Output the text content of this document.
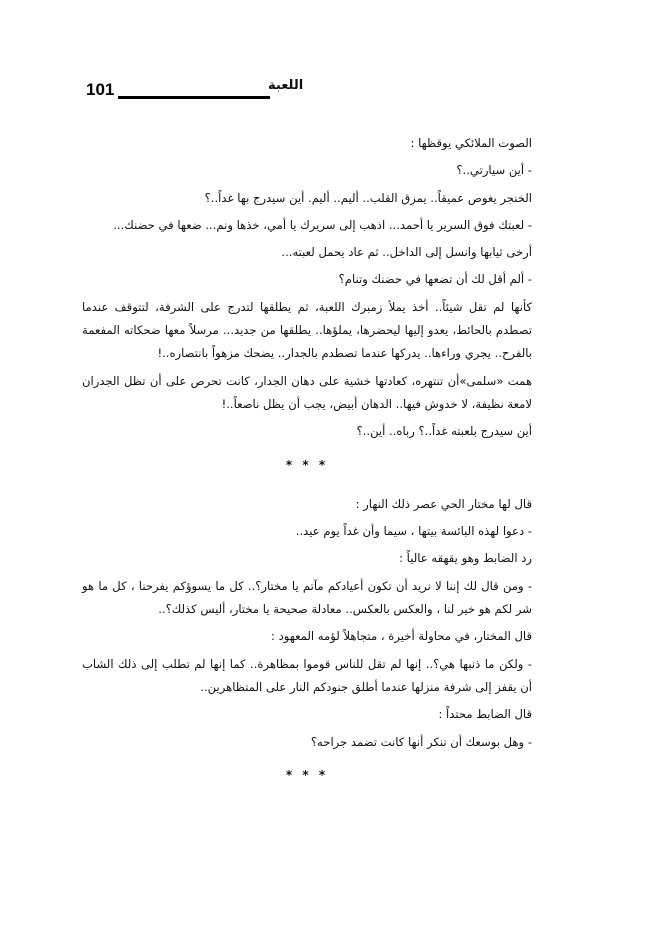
101	اللعبة

الصوت الملائكي يوقظها :

- أين سيارتي..؟

الخنجر يغوص عميقاً.. يمزق القلب.. أليم.. أليم. أين سيدرج بها غداً..؟

- لعبتك فوق السرير يا أحمد... اذهب إلى سريرك يا أمي، خذها ونم... ضعها في حضنك...

أرخى ثيابها وانسل إلى الداخل.. ثم عاد يحمل لعبته...

- ألم أقل لك أن تضعها في حضنك وتنام؟

كأنها لم تقل شيئاً.. أخذ يملأ زمبرك اللعبة، ثم يطلقها لتدرج على الشرفة، لتتوقف عندما تصطدم بالحائط، يعدو إليها ليحضرها، يملؤها.. يطلقها من جديد... مرسلاً معها ضحكاته المفعمة بالفرح.. يجري وراءها.. يدركها عندما تصطدم بالجدار.. يضحك مزهواً بانتصاره..!

همت «سلمى»أن تنتهره، كعادتها خشية على دهان الجدار، كانت تحرص على أن تظل الجدران لامعة نظيفة، لا خدوش فيها.. الدهان أبيض، يجب أن يظل ناصعاً..!

أين سيدرج بلعبته غداً..؟ رباه.. أين..؟

* * *

قال لها مختار الحي عصر ذلك النهار :

- دعوا لهذه البائسة بيتها ، سيما وأن غداً يوم عيد..

رد الضابط وهو يقهقه عالياً :

- ومن قال لك إننا لا نريد أن تكون أعيادكم مآتم يا مختار؟.. كل ما يسوؤكم يفرحنا ، كل ما هو شر لكم هو خير لنا ، والعكس بالعكس.. معادلة صحيحة يا مختار، أليس كذلك؟..

قال المختار، في محاولة أخيرة ، متجاهلاً لؤمه المعهود :

- ولكن ما ذنبها هي؟.. إنها لم تقل للناس قوموا بمظاهرة.. كما إنها لم تطلب إلى ذلك الشاب أن يقفز إلى شرفة منزلها عندما أطلق جنودكم النار على المتظاهرين..

قال الضابط محتداً :

- وهل بوسعك أن تنكر أنها كانت تضمد جراحه؟

* * *
